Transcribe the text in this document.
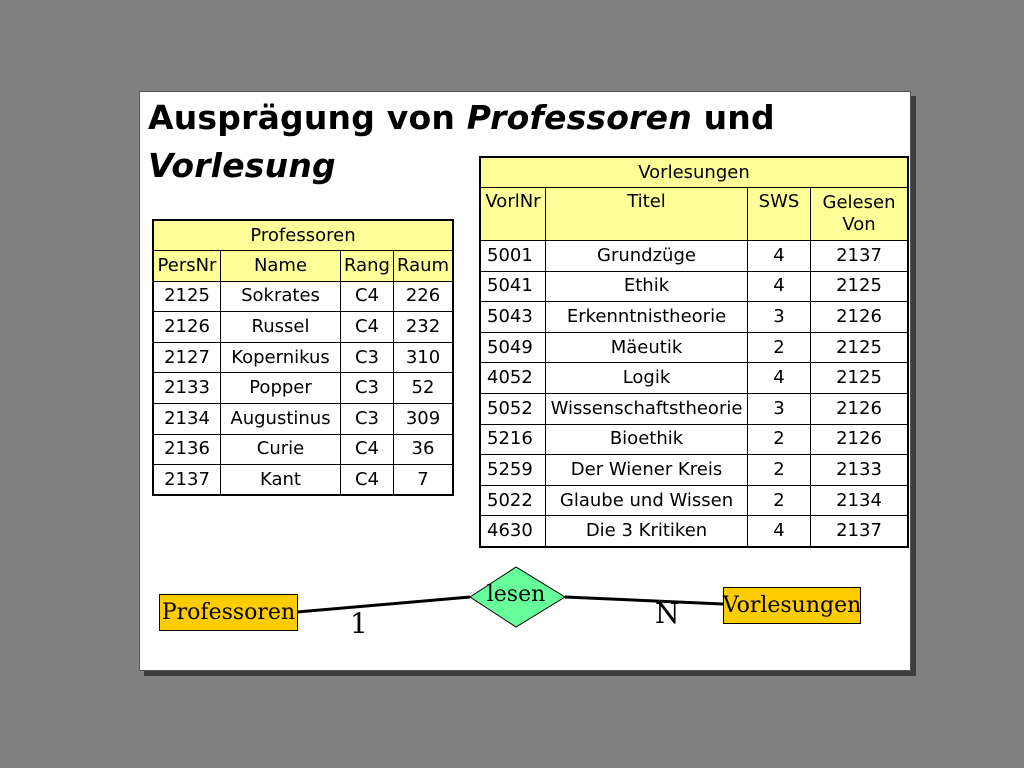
Ausprägung von Professoren und
Vorlesung
Professoren			
PersNr	Name	Rang	Raum
2125	Sokrates	C4	226
2126	Russel	C4	232
2127	Kopernikus	C3	310
2133	Popper	C3	52
2134	Augustinus	C3	309
2136	Curie	C4	36
2137	Kant	C4	7
Vorlesungen			
VorlNr	Titel	SWS	Gelesen
Von
5001	Grundzüge	4	2137
5041	Ethik	4	2125
5043	Erkenntnistheorie	3	2126
5049	Mäeutik	2	2125
4052	Logik	4	2125
5052	Wissenschaftstheorie	3	2126
5216	Bioethik	2	2126
5259	Der Wiener Kreis	2	2133
5022	Glaube und Wissen	2	2134
4630	Die 3 Kritiken	4	2137
Professoren	Vorlesungen
lesen
1	N
